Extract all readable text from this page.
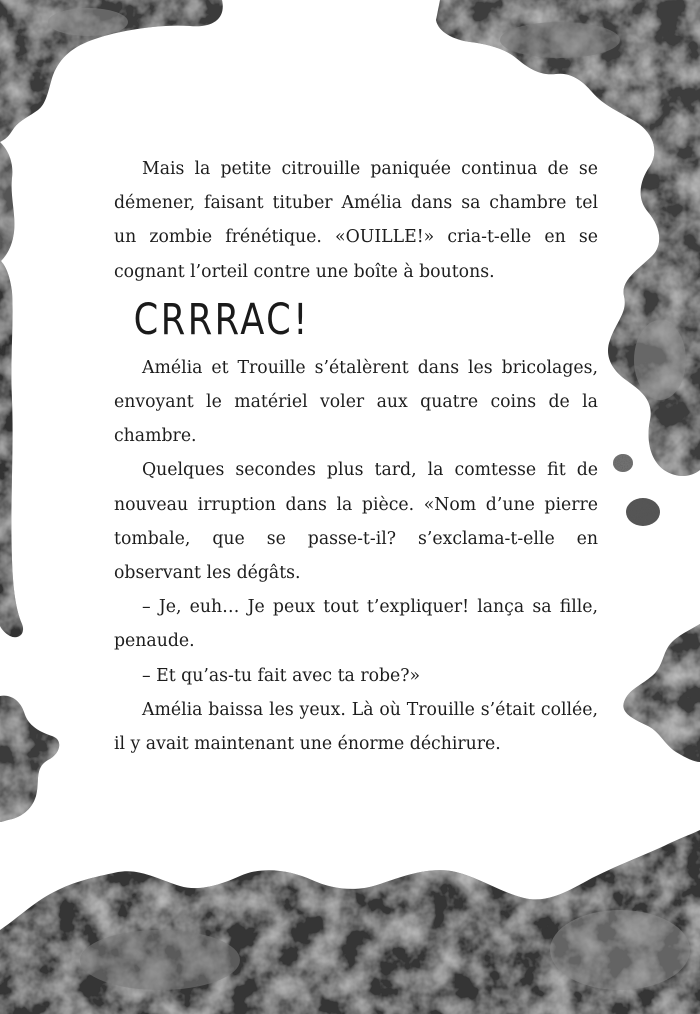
Mais la petite citrouille paniquée continua de se démener, faisant tituber Amélia dans sa chambre tel un zombie frénétique. «OUILLE!» cria-t-elle en se cognant l’orteil contre une boîte à boutons.

CRRRAC!

Amélia et Trouille s’étalèrent dans les bricolages, envoyant le matériel voler aux quatre coins de la chambre.

Quelques secondes plus tard, la comtesse fit de nouveau irruption dans la pièce. «Nom d’une pierre tombale, que se passe-t-il? s’exclama-t-elle en observant les dégâts.

– Je, euh… Je peux tout t’expliquer! lança sa fille, penaude.

– Et qu’as-tu fait avec ta robe?»

Amélia baissa les yeux. Là où Trouille s’était collée, il y avait maintenant une énorme déchirure.
